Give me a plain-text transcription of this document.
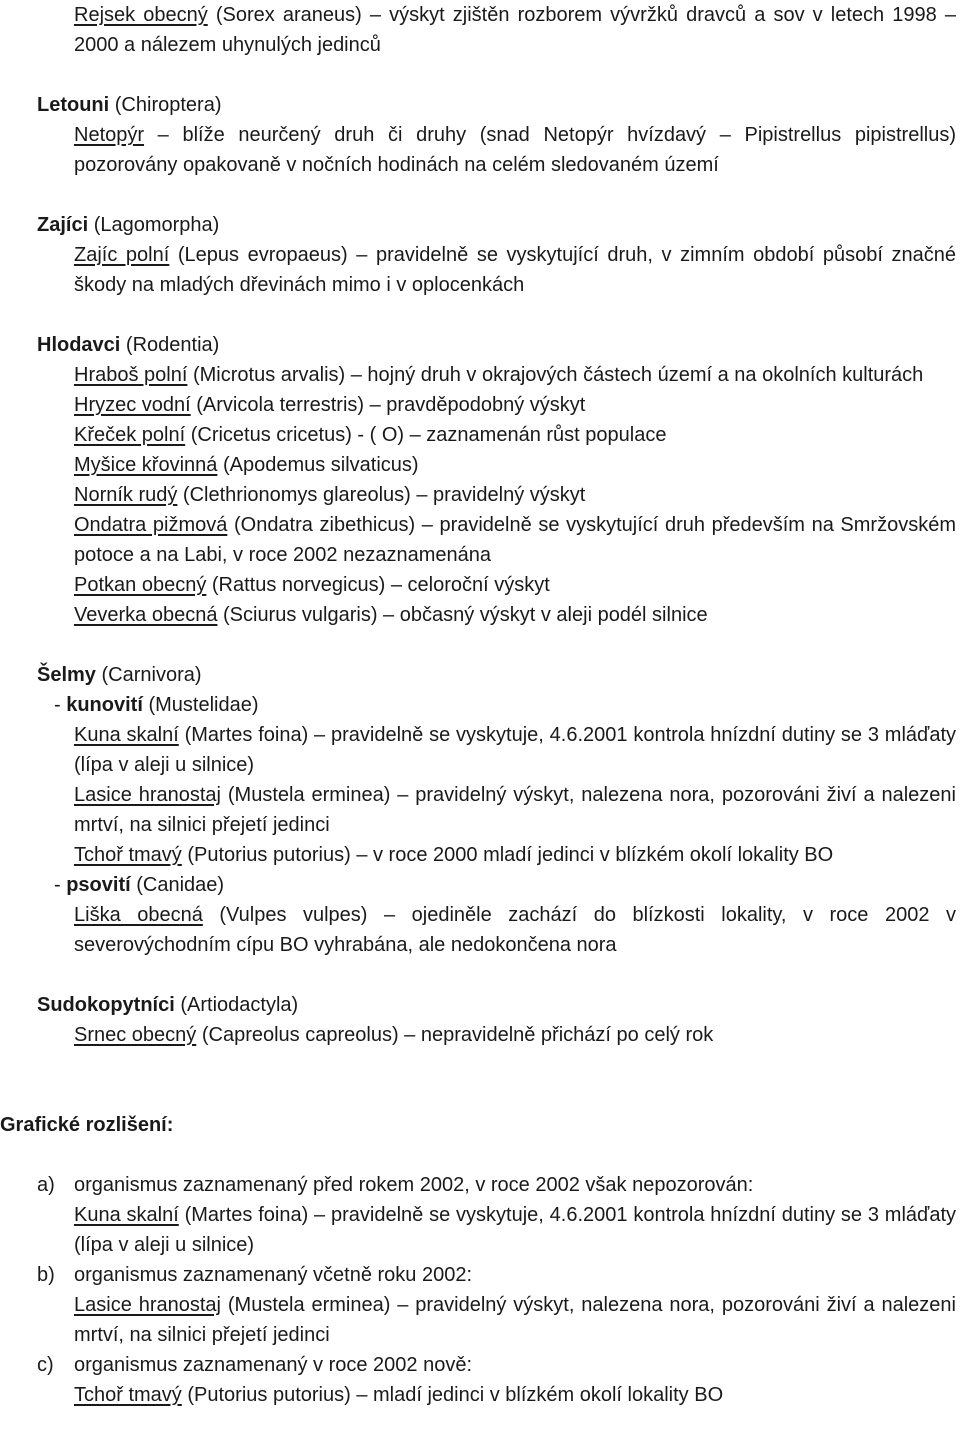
Rejsek obecný (Sorex araneus) – výskyt zjištěn rozborem vývržků dravců a sov v letech 1998 – 2000 a nálezem uhynulých jedinců

Letouni (Chiroptera)

Netopýr – blíže neurčený druh či druhy (snad Netopýr hvízdavý – Pipistrellus pipistrellus) pozorovány opakovaně v nočních hodinách na celém sledovaném území

Zajíci (Lagomorpha)

Zajíc polní (Lepus evropaeus) – pravidelně se vyskytující druh, v zimním období působí značné škody na mladých dřevinách mimo i v oplocenkách

Hlodavci (Rodentia)

Hraboš polní (Microtus arvalis) – hojný druh v okrajových částech území a na okolních kulturách

Hryzec vodní (Arvicola terrestris) – pravděpodobný výskyt

Křeček polní (Cricetus cricetus) - ( O) – zaznamenán růst populace

Myšice křovinná (Apodemus silvaticus)

Norník rudý (Clethrionomys glareolus) – pravidelný výskyt

Ondatra pižmová (Ondatra zibethicus) – pravidelně se vyskytující druh především na Smržovském potoce a na Labi, v roce 2002 nezaznamenána

Potkan obecný (Rattus norvegicus) – celoroční výskyt

Veverka obecná (Sciurus vulgaris) – občasný výskyt v aleji podél silnice

Šelmy (Carnivora)

- kunovití (Mustelidae)

Kuna skalní (Martes foina) – pravidelně se vyskytuje, 4.6.2001 kontrola hnízdní dutiny se 3 mláďaty (lípa v aleji u silnice)

Lasice hranostaj (Mustela erminea) – pravidelný výskyt, nalezena nora, pozorováni živí a nalezeni mrtví, na silnici přejetí jedinci

Tchoř tmavý (Putorius putorius) – v roce 2000 mladí jedinci v blízkém okolí lokality BO

- psovití (Canidae)

Liška obecná (Vulpes vulpes) – ojediněle zachází do blízkosti lokality, v roce 2002 v severovýchodním cípu BO vyhrabána, ale nedokončena nora

Sudokopytníci (Artiodactyla)

Srnec obecný (Capreolus capreolus) – nepravidelně přichází po celý rok

Grafické rozlišení:

a) organismus zaznamenaný před rokem 2002, v roce 2002 však nepozorován:

Kuna skalní (Martes foina) – pravidelně se vyskytuje, 4.6.2001 kontrola hnízdní dutiny se 3 mláďaty (lípa v aleji u silnice)

b) organismus zaznamenaný včetně roku 2002:

Lasice hranostaj (Mustela erminea) – pravidelný výskyt, nalezena nora, pozorováni živí a nalezeni mrtví, na silnici přejetí jedinci

c) organismus zaznamenaný v roce 2002 nově:

Tchoř tmavý (Putorius putorius) – mladí jedinci v blízkém okolí lokality BO
